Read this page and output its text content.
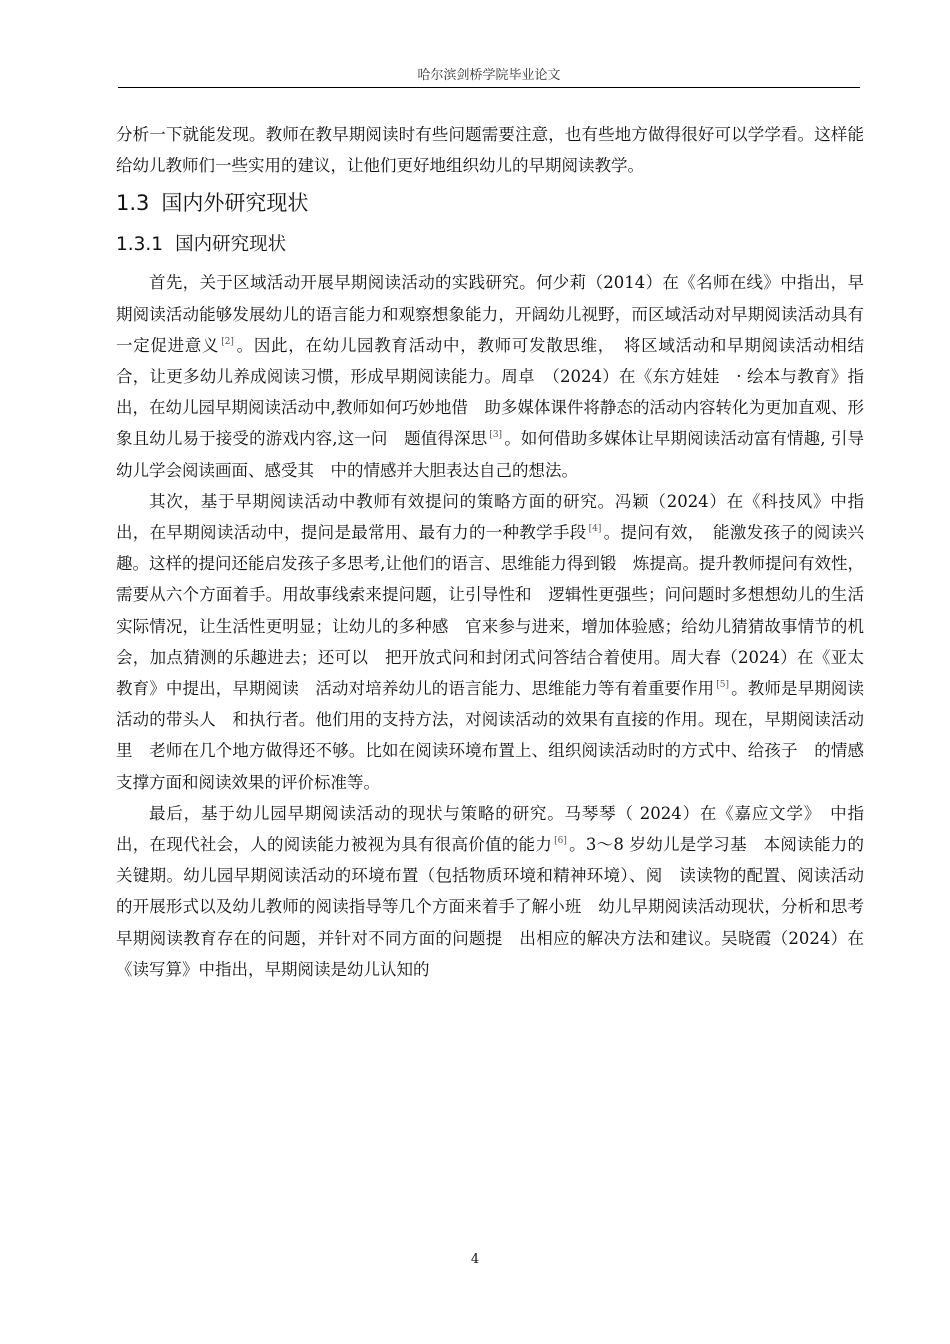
哈尔滨剑桥学院毕业论文

分析一下就能发现。教师在教早期阅读时有些问题需要注意，也有些地方做得很好可以学学看。这样能给幼儿教师们一些实用的建议，让他们更好地组织幼儿的早期阅读教学。

1.3 国内外研究现状
1.3.1 国内研究现状

首先，关于区域活动开展早期阅读活动的实践研究。何少莉（2014）在《名师在线》中指出，早期阅读活动能够发展幼儿的语言能力和观察想象能力，开阔幼儿视野，而区域活动对早期阅读活动具有一定促进意义 [2] 。因此，在幼儿园教育活动中，教师可发散思维，　将区域活动和早期阅读活动相结合，让更多幼儿养成阅读习惯，形成早期阅读能力。周卓　（2024）在《东方娃娃　· 绘本与教育》指出，在幼儿园早期阅读活动中,教师如何巧妙地借　助多媒体课件将静态的活动内容转化为更加直观、形象且幼儿易于接受的游戏内容,这一问　题值得深思 [3] 。如何借助多媒体让早期阅读活动富有情趣, 引导幼儿学会阅读画面、感受其　中的情感并大胆表达自己的想法。

其次，基于早期阅读活动中教师有效提问的策略方面的研究。冯颖（2024）在《科技风》中指出，在早期阅读活动中，提问是最常用、最有力的一种教学手段 [4] 。提问有效，　能激发孩子的阅读兴趣。这样的提问还能启发孩子多思考,让他们的语言、思维能力得到锻　炼提高。提升教师提问有效性，需要从六个方面着手。用故事线索来提问题，让引导性和　逻辑性更强些；问问题时多想想幼儿的生活实际情况，让生活性更明显；让幼儿的多种感　官来参与进来，增加体验感；给幼儿猜猜故事情节的机会，加点猜测的乐趣进去；还可以　把开放式问和封闭式问答结合着使用。周大春（2024）在《亚太教育》中提出，早期阅读　活动对培养幼儿的语言能力、思维能力等有着重要作用 [5] 。教师是早期阅读活动的带头人　和执行者。他们用的支持方法，对阅读活动的效果有直接的作用。现在，早期阅读活动里　老师在几个地方做得还不够。比如在阅读环境布置上、组织阅读活动时的方式中、给孩子　的情感支撑方面和阅读效果的评价标准等。

最后，基于幼儿园早期阅读活动的现状与策略的研究。马琴琴（ 2024）在《嘉应文学》　中指出，在现代社会，人的阅读能力被视为具有很高价值的能力 [6] 。3～8 岁幼儿是学习基　本阅读能力的关键期。幼儿园早期阅读活动的环境布置（包括物质环境和精神环境）、阅　读读物的配置、阅读活动的开展形式以及幼儿教师的阅读指导等几个方面来着手了解小班　幼儿早期阅读活动现状，分析和思考早期阅读教育存在的问题，并针对不同方面的问题提　出相应的解决方法和建议。吴晓霞（2024）在《读写算》中指出，早期阅读是幼儿认知的

4
